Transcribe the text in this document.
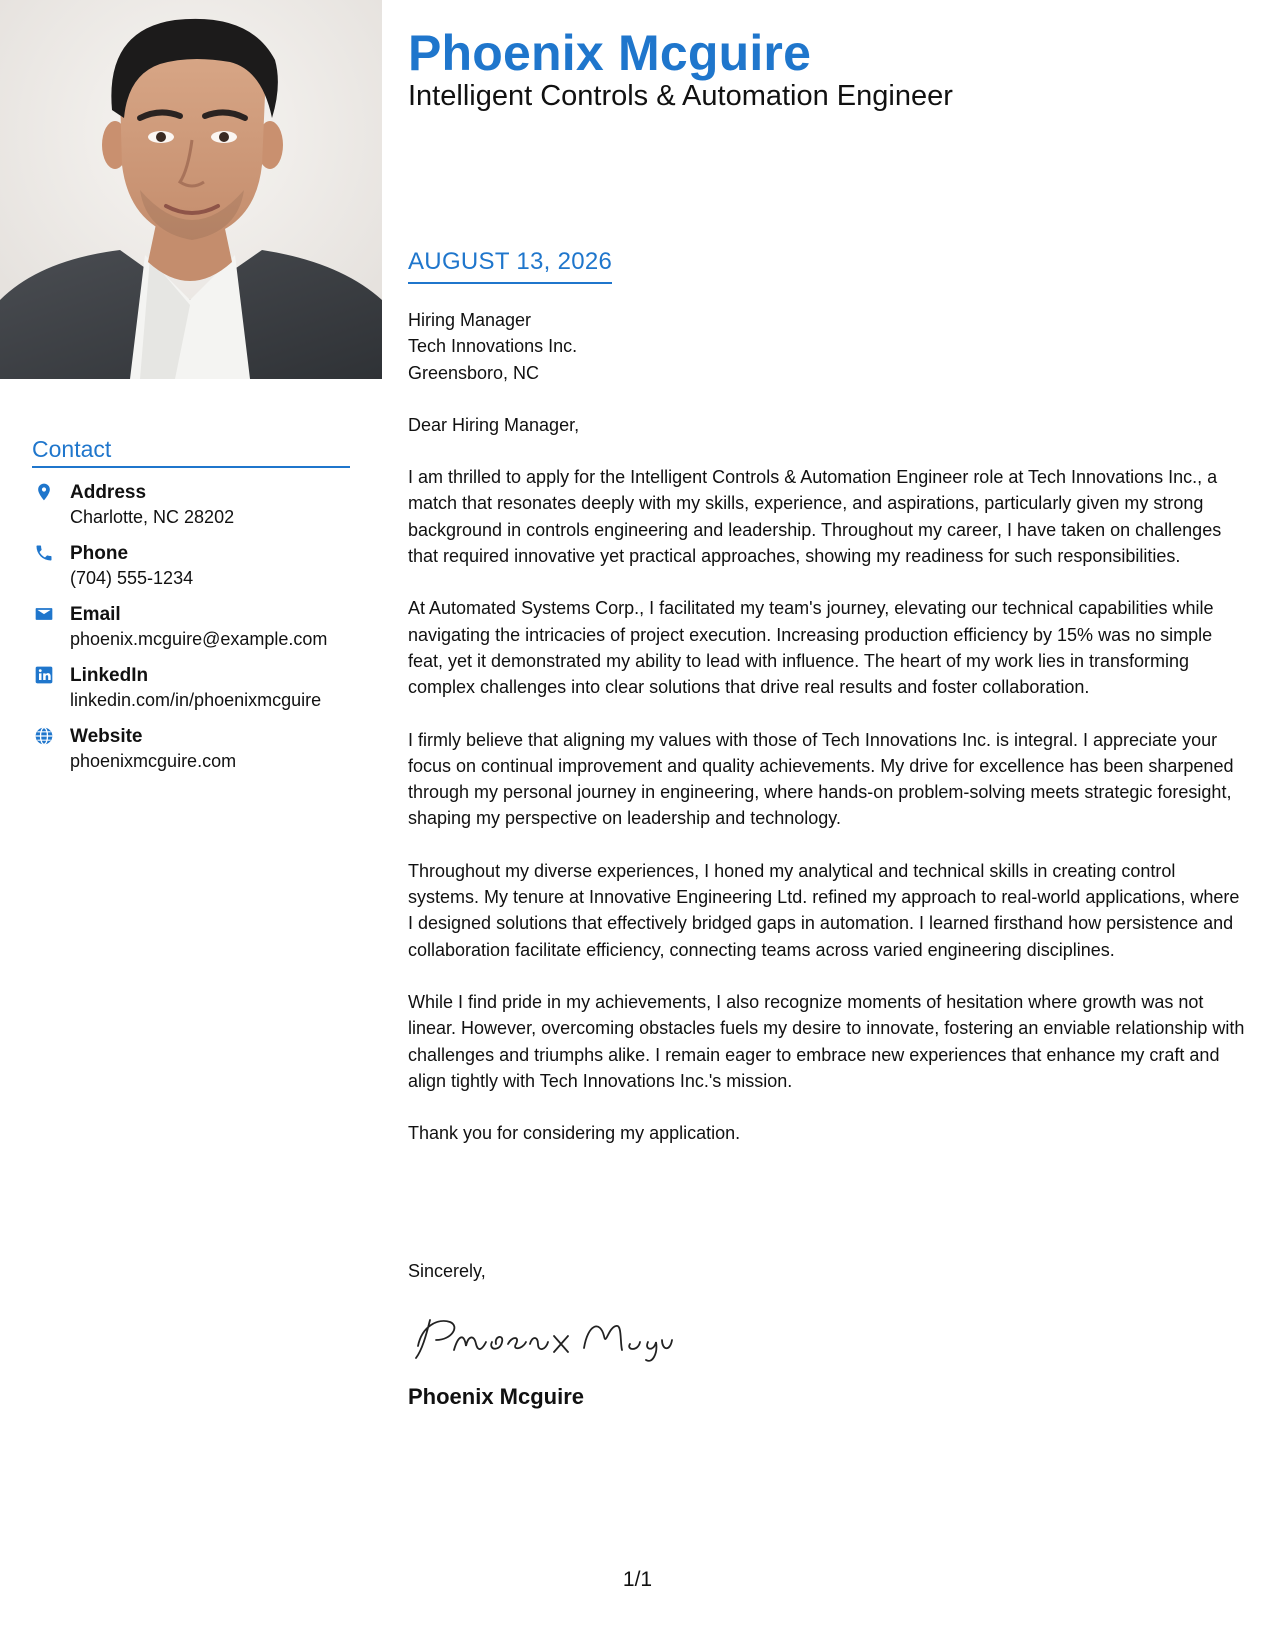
Contact
Address
Charlotte, NC 28202
Phone
(704) 555-1234
Email
phoenix.mcguire@example.com
LinkedIn
linkedin.com/in/phoenixmcguire
Website
phoenixmcguire.com
Phoenix Mcguire
Intelligent Controls & Automation Engineer
AUGUST 13, 2026

Hiring Manager

Tech Innovations Inc.

Greensboro, NC

Dear Hiring Manager,

I am thrilled to apply for the Intelligent Controls & Automation Engineer role at Tech Innovations Inc., a match that resonates deeply with my skills, experience, and aspirations, particularly given my strong background in controls engineering and leadership. Throughout my career, I have taken on challenges that required innovative yet practical approaches, showing my readiness for such responsibilities.

At Automated Systems Corp., I facilitated my team's journey, elevating our technical capabilities while navigating the intricacies of project execution. Increasing production efficiency by 15% was no simple feat, yet it demonstrated my ability to lead with influence. The heart of my work lies in transforming complex challenges into clear solutions that drive real results and foster collaboration.

I firmly believe that aligning my values with those of Tech Innovations Inc. is integral. I appreciate your focus on continual improvement and quality achievements. My drive for excellence has been sharpened through my personal journey in engineering, where hands-on problem-solving meets strategic foresight, shaping my perspective on leadership and technology.

Throughout my diverse experiences, I honed my analytical and technical skills in creating control systems. My tenure at Innovative Engineering Ltd. refined my approach to real-world applications, where I designed solutions that effectively bridged gaps in automation. I learned firsthand how persistence and collaboration facilitate efficiency, connecting teams across varied engineering disciplines.

While I find pride in my achievements, I also recognize moments of hesitation where growth was not linear. However, overcoming obstacles fuels my desire to innovate, fostering an enviable relationship with challenges and triumphs alike. I remain eager to embrace new experiences that enhance my craft and align tightly with Tech Innovations Inc.'s mission.

Thank you for considering my application.

Sincerely,
Phoenix Mcguire
1/1
